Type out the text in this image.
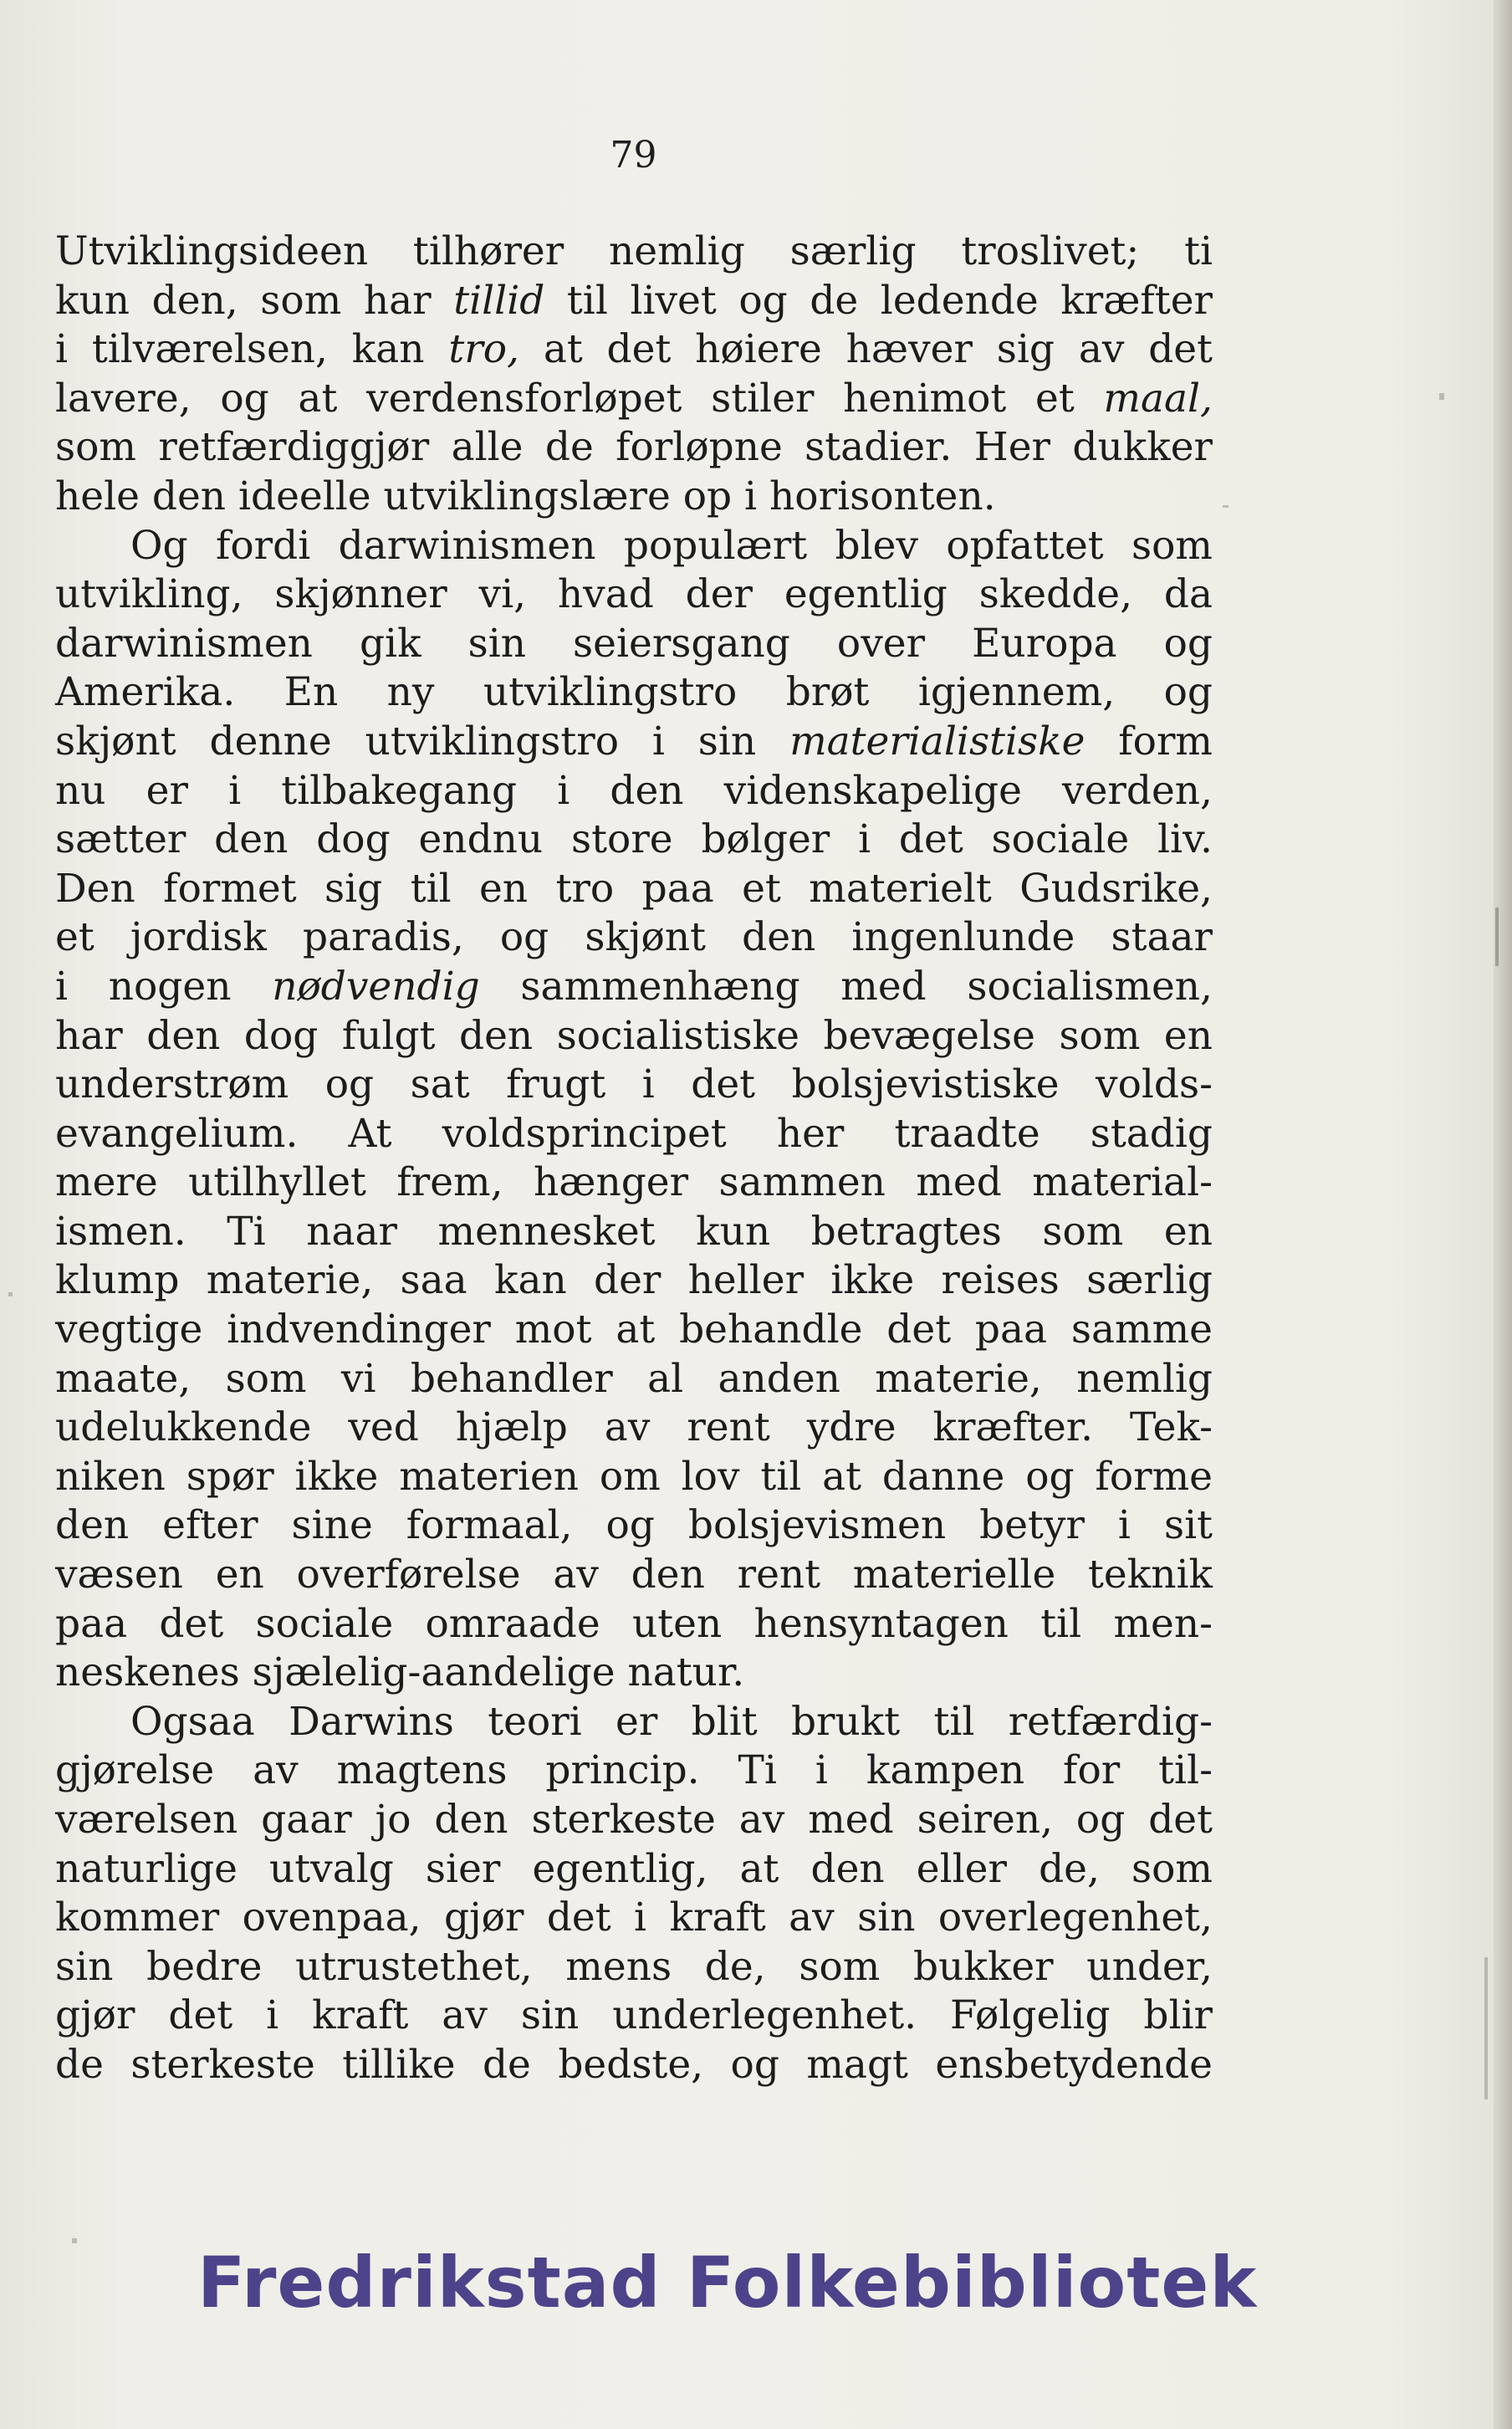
79
Utviklingsideen tilhører nemlig særlig troslivet; ti
kun den, som har tillid til livet og de ledende kræfter
i tilværelsen, kan tro, at det høiere hæver sig av det
lavere, og at verdensforløpet stiler henimot et maal,
som retfærdiggjør alle de forløpne stadier. Her dukker
hele den ideelle utviklingslære op i horisonten.
Og fordi darwinismen populært blev opfattet som
utvikling, skjønner vi, hvad der egentlig skedde, da
darwinismen gik sin seiersgang over Europa og
Amerika. En ny utviklingstro brøt igjennem, og
skjønt denne utviklingstro i sin materialistiske form
nu er i tilbakegang i den videnskapelige verden,
sætter den dog endnu store bølger i det sociale liv.
Den formet sig til en tro paa et materielt Gudsrike,
et jordisk paradis, og skjønt den ingenlunde staar
i nogen nødvendig sammenhæng med socialismen,
har den dog fulgt den socialistiske bevægelse som en
understrøm og sat frugt i det bolsjevistiske volds-
evangelium. At voldsprincipet her traadte stadig
mere utilhyllet frem, hænger sammen med material-
ismen. Ti naar mennesket kun betragtes som en
klump materie, saa kan der heller ikke reises særlig
vegtige indvendinger mot at behandle det paa samme
maate, som vi behandler al anden materie, nemlig
udelukkende ved hjælp av rent ydre kræfter. Tek-
niken spør ikke materien om lov til at danne og forme
den efter sine formaal, og bolsjevismen betyr i sit
væsen en overførelse av den rent materielle teknik
paa det sociale omraade uten hensyntagen til men-
neskenes sjælelig-aandelige natur.
Ogsaa Darwins teori er blit brukt til retfærdig-
gjørelse av magtens princip. Ti i kampen for til-
værelsen gaar jo den sterkeste av med seiren, og det
naturlige utvalg sier egentlig, at den eller de, som
kommer ovenpaa, gjør det i kraft av sin overlegenhet,
sin bedre utrustethet, mens de, som bukker under,
gjør det i kraft av sin underlegenhet. Følgelig blir
de sterkeste tillike de bedste, og magt ensbetydende
Fredrikstad Folkebibliotek
